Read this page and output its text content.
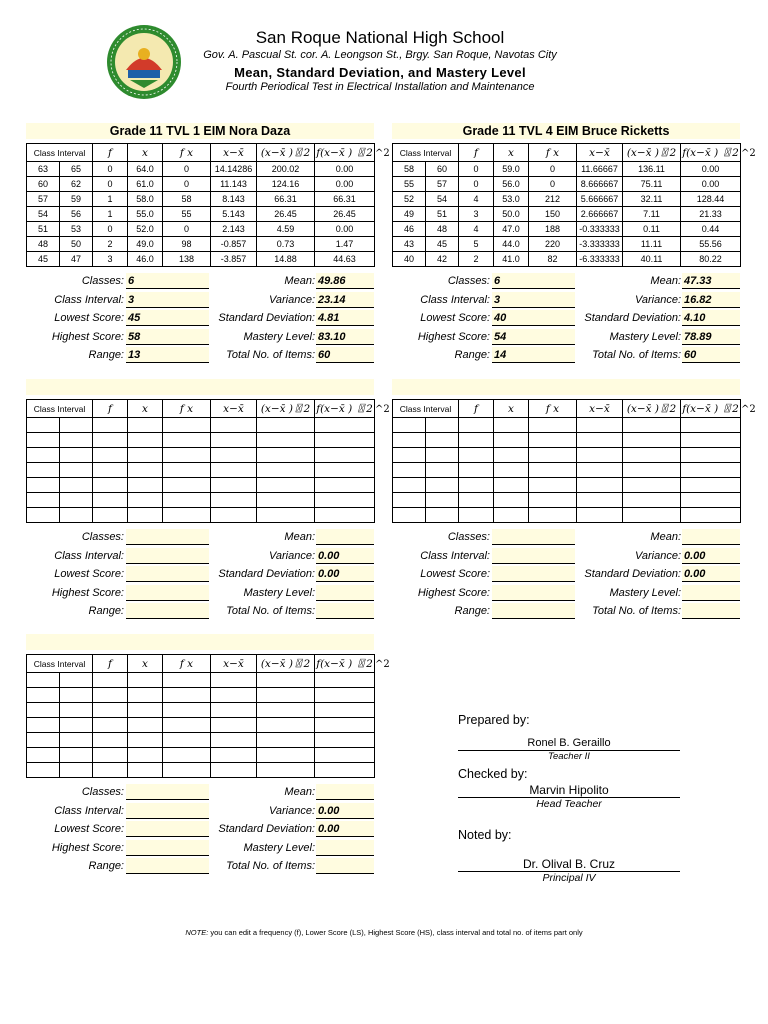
San Roque National High School
Gov. A. Pascual St. cor. A. Leongson St., Brgy. San Roque, Navotas City
Mean, Standard Deviation, and Mastery Level
Fourth Periodical Test in Electrical Installation and Maintenance
Grade 11 TVL 1 EIM Nora Daza
Class Interval		f	x	f x	x−x̄	(x−x̄ )〿2	f(x−x̄ ) 〿2
63	65	0	64.0	0	14.14286	200.02	0.00
60	62	0	61.0	0	11.143	124.16	0.00
57	59	1	58.0	58	8.143	66.31	66.31
54	56	1	55.0	55	5.143	26.45	26.45
51	53	0	52.0	0	2.143	4.59	0.00
48	50	2	49.0	98	-0.857	0.73	1.47
45	47	3	46.0	138	-3.857	14.88	44.63
^2
Classes: 6	Mean: 49.86
Class Interval: 3	Variance: 23.14
Lowest Score: 45	Standard Deviation: 4.81
Highest Score: 58	Mastery Level: 83.10
Range: 13	Total No. of Items: 60
Grade 11 TVL 4 EIM Bruce Ricketts
Class Interval		f	x	f x	x−x̄	(x−x̄ )〿2	f(x−x̄ ) 〿2
58	60	0	59.0	0	11.66667	136.11	0.00
55	57	0	56.0	0	8.666667	75.11	0.00
52	54	4	53.0	212	5.666667	32.11	128.44
49	51	3	50.0	150	2.666667	7.11	21.33
46	48	4	47.0	188	-0.333333	0.11	0.44
43	45	5	44.0	220	-3.333333	11.11	55.56
40	42	2	41.0	82	-6.333333	40.11	80.22
^2
Classes: 6	Mean: 47.33
Class Interval: 3	Variance: 16.82
Lowest Score: 40	Standard Deviation: 4.10
Highest Score: 54	Mastery Level: 78.89
Range: 14	Total No. of Items: 60
Class Interval		f	x	f x	x−x̄	(x−x̄ )〿2	f(x−x̄ ) 〿2

							^2
Classes:	Mean:
Class Interval:	Variance: 0.00
Lowest Score:	Standard Deviation: 0.00
Highest Score:	Mastery Level:
Range:	Total No. of Items:
Class Interval		f	x	f x	x−x̄	(x−x̄ )〿2	f(x−x̄ ) 〿2

							^2
Classes:	Mean:
Class Interval:	Variance: 0.00
Lowest Score:	Standard Deviation: 0.00
Highest Score:	Mastery Level:
Range:	Total No. of Items:
Class Interval		f	x	f x	x−x̄	(x−x̄ )〿2	f(x−x̄ ) 〿2

							^2
Classes:	Mean:
Class Interval:	Variance: 0.00
Lowest Score:	Standard Deviation: 0.00
Highest Score:	Mastery Level:
Range:	Total No. of Items:
Prepared by:
Ronel B. Geraillo
Teacher II
Checked by:
Marvin Hipolito
Head Teacher
Noted by:
Dr. Olival B. Cruz
Principal IV
NOTE: you can edit a frequency (f), Lower Score (LS), Highest Score (HS), class interval and total no. of items part only
